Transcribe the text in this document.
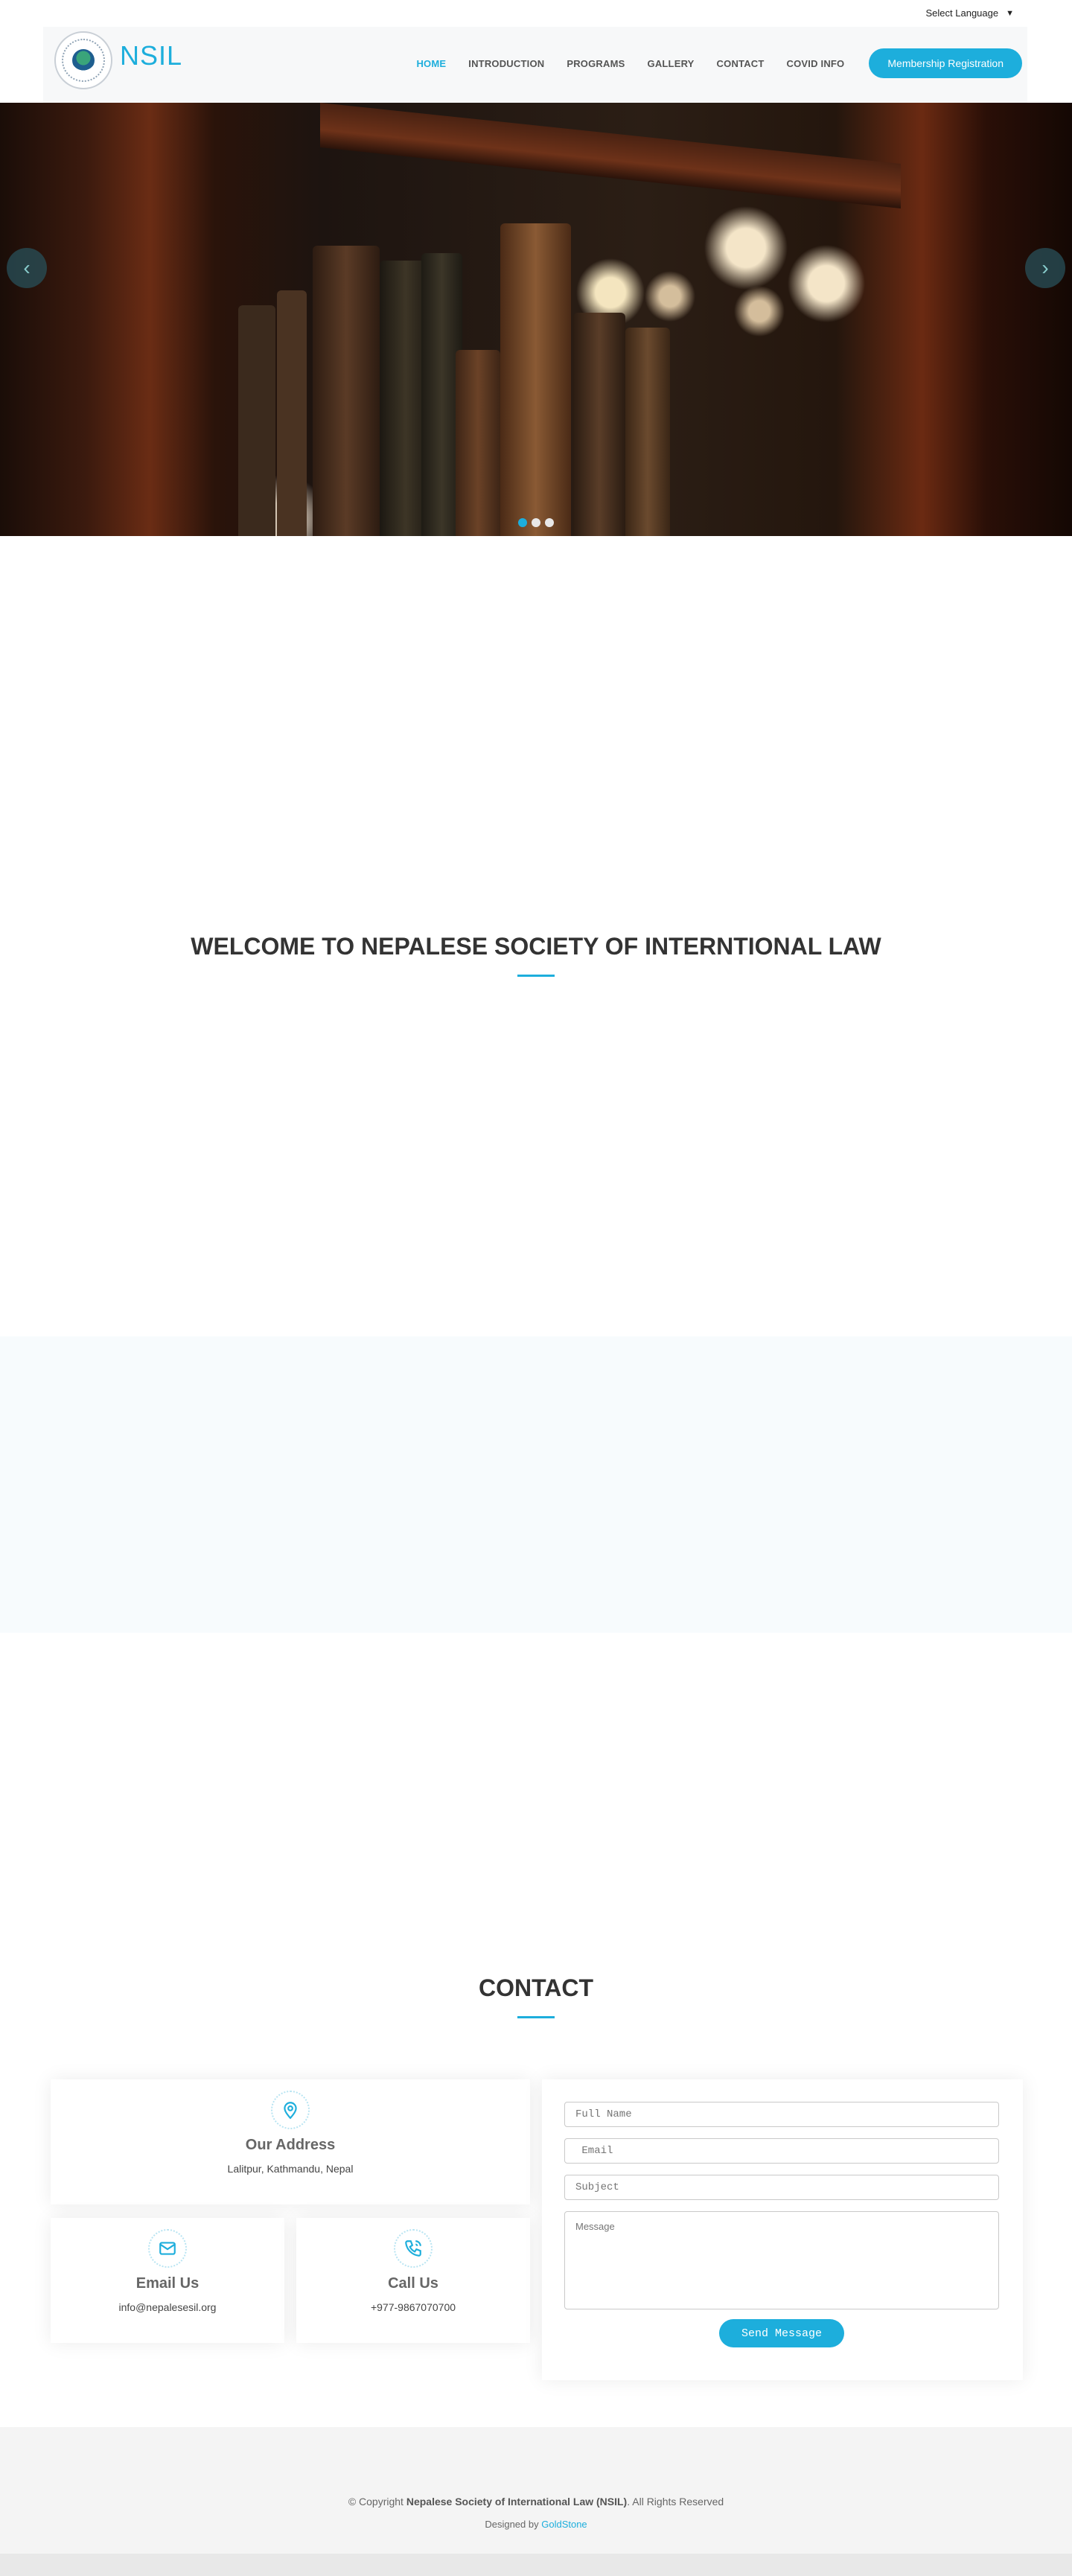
Select Language ▼
NSIL	HOME INTRODUCTION PROGRAMS GALLERY CONTACT COVID INFO	Membership Registration
‹	›
WELCOME TO NEPALESE SOCIETY OF INTERNTIONAL LAW
CONTACT
Our Address

Lalitpur, Kathmandu, Nepal

Email Us

info@nepalesesil.org

Call Us

+977-9867070700

Full Name
Email
Subject
Message
Send Message
© Copyright Nepalese Society of International Law (NSIL). All Rights Reserved
Designed by GoldStone
